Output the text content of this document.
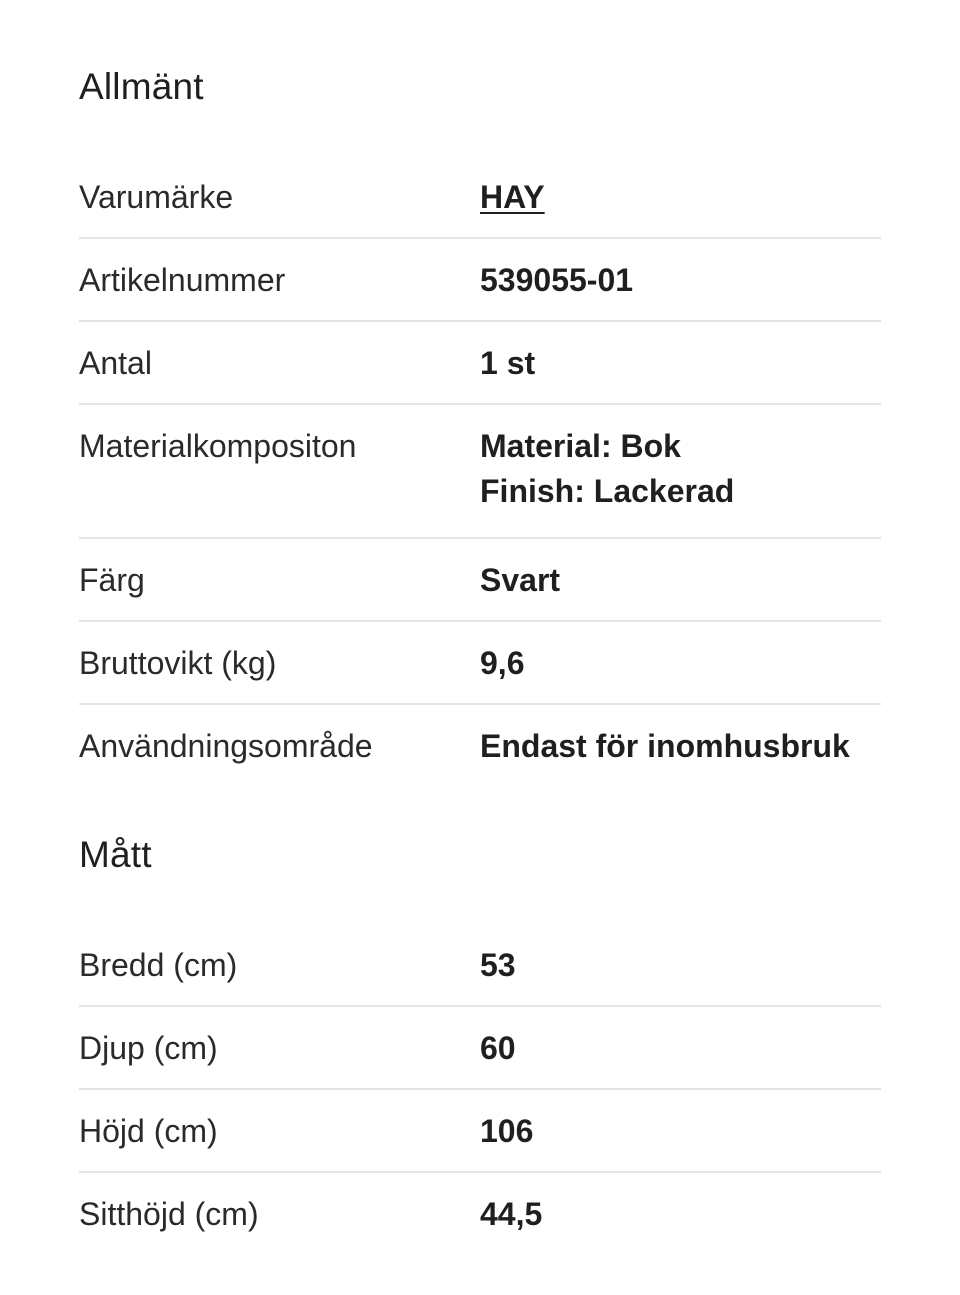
Allmänt
Varumärke	HAY
Artikelnummer	539055-01
Antal	1 st
Materialkompositon	Material: Bok
Finish: Lackerad
Färg	Svart
Bruttovikt (kg)	9,6
Användningsområde	Endast för inomhusbruk
Mått
Bredd (cm)	53
Djup (cm)	60
Höjd (cm)	106
Sitthöjd (cm)	44,5
